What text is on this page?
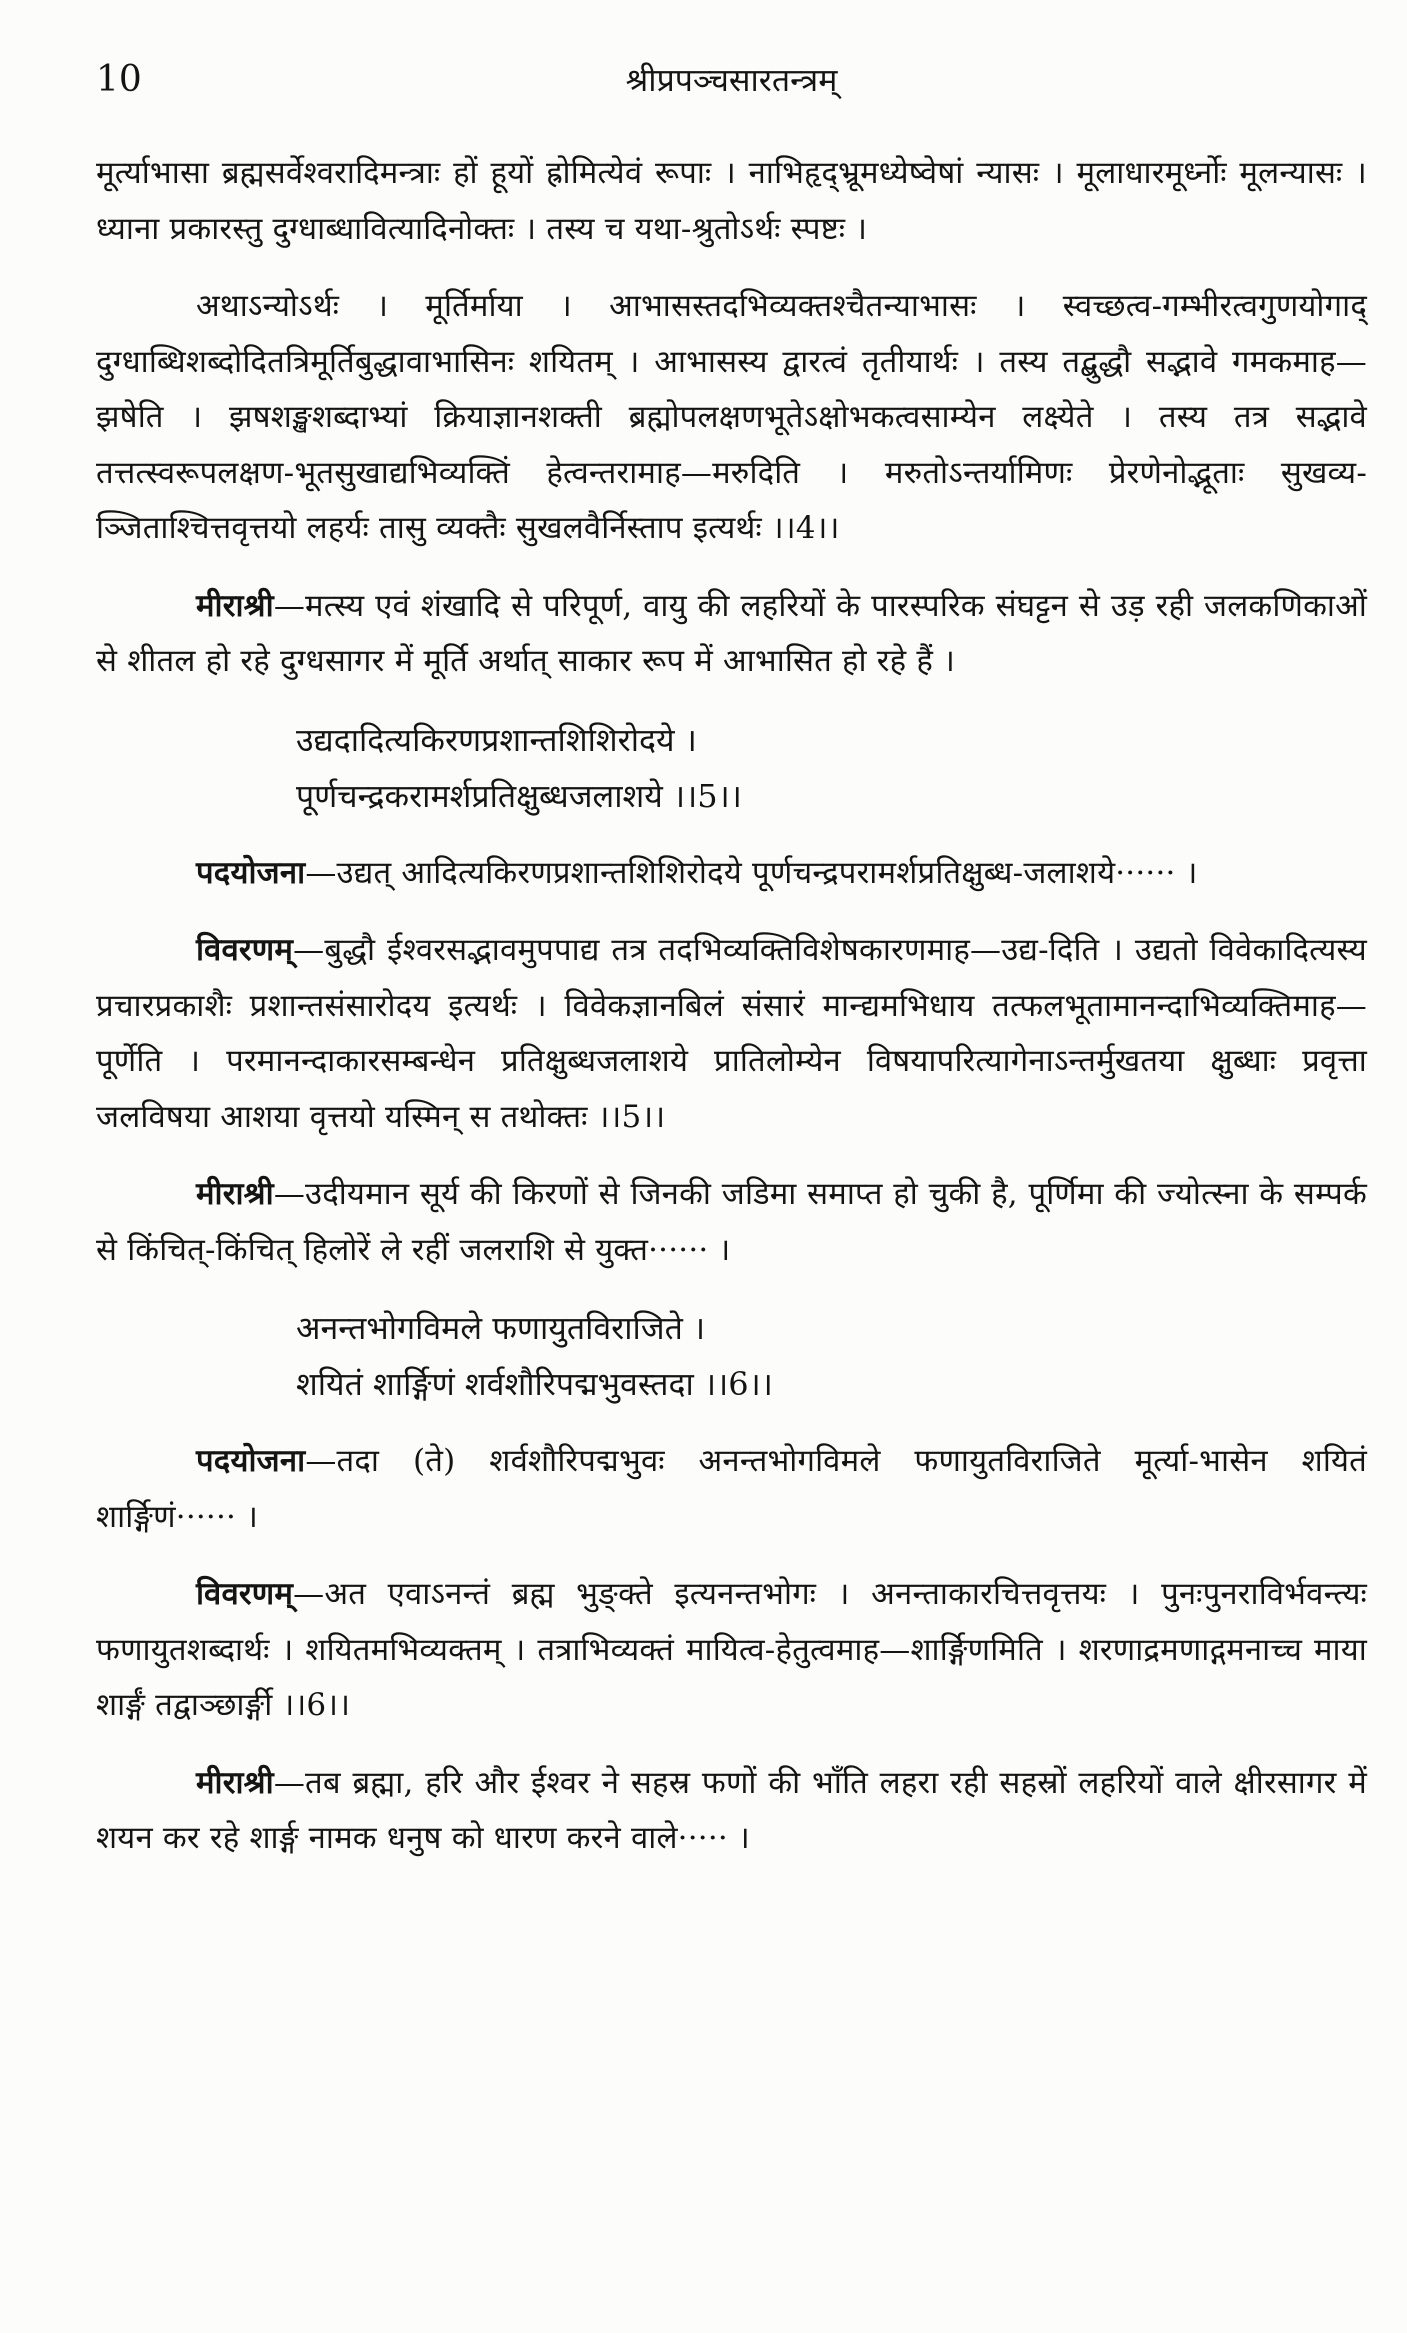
10	श्रीप्रपञ्चसारतन्त्रम्

मूर्त्याभासा ब्रह्मसर्वेश्वरादिमन्त्राः हों हूयों ह्रोमित्येवं रूपाः । नाभिहृद्भ्रूमध्येष्वेषां न्यासः । मूलाधारमूर्ध्नोः मूलन्यासः । ध्याना प्रकारस्तु दुग्धाब्धावित्यादिनोक्तः । तस्य च यथा-श्रुतोऽर्थः स्पष्टः ।

अथाऽन्योऽर्थः । मूर्तिर्माया । आभासस्तदभिव्यक्तश्चैतन्याभासः । स्वच्छत्व-गम्भीरत्वगुणयोगाद् दुग्धाब्धिशब्दोदितत्रिमूर्तिबुद्धावाभासिनः शयितम् । आभासस्य द्वारत्वं तृतीयार्थः । तस्य तद्बुद्धौ सद्भावे गमकमाह—झषेति । झषशङ्खशब्दाभ्यां क्रियाज्ञानशक्ती ब्रह्मोपलक्षणभूतेऽक्षोभकत्वसाम्येन लक्ष्येते । तस्य तत्र सद्भावे तत्तत्स्वरूपलक्षण-भूतसुखाद्यभिव्यक्तिं हेत्वन्तरामाह—मरुदिति । मरुतोऽन्तर्यामिणः प्रेरणेनोद्भूताः सुखव्य-ञ्जिताश्चित्तवृत्तयो लहर्यः तासु व्यक्तैः सुखलवैर्निस्ताप इत्यर्थः ।।4।।

मीराश्री—मत्स्य एवं शंखादि से परिपूर्ण, वायु की लहरियों के पारस्परिक संघट्टन से उड़ रही जलकणिकाओं से शीतल हो रहे दुग्धसागर में मूर्ति अर्थात् साकार रूप में आभासित हो रहे हैं ।

उद्यदादित्यकिरणप्रशान्तशिशिरोदये ।
पूर्णचन्द्रकरामर्शप्रतिक्षुब्धजलाशये ।।5।।

पदयोजना—उद्यत् आदित्यकिरणप्रशान्तशिशिरोदये पूर्णचन्द्रपरामर्शप्रतिक्षुब्ध-जलाशये······ ।

विवरणम्—बुद्धौ ईश्वरसद्भावमुपपाद्य तत्र तदभिव्यक्तिविशेषकारणमाह—उद्य-दिति । उद्यतो विवेकादित्यस्य प्रचारप्रकाशैः प्रशान्तसंसारोदय इत्यर्थः । विवेकज्ञानबिलं संसारं मान्द्यमभिधाय तत्फलभूतामानन्दाभिव्यक्तिमाह—पूर्णेति । परमानन्दाकारसम्बन्धेन प्रतिक्षुब्धजलाशये प्रातिलोम्येन विषयापरित्यागेनाऽन्तर्मुखतया क्षुब्धाः प्रवृत्ता जलविषया आशया वृत्तयो यस्मिन् स तथोक्तः ।।5।।

मीराश्री—उदीयमान सूर्य की किरणों से जिनकी जडिमा समाप्त हो चुकी है, पूर्णिमा की ज्योत्स्ना के सम्पर्क से किंचित्-किंचित् हिलोरें ले रहीं जलराशि से युक्त······ ।

अनन्तभोगविमले फणायुतविराजिते ।
शयितं शार्ङ्गिणं शर्वशौरिपद्मभुवस्तदा ।।6।।

पदयोजना—तदा (ते) शर्वशौरिपद्मभुवः अनन्तभोगविमले फणायुतविराजिते मूर्त्या-भासेन शयितं शार्ङ्गिणं······ ।

विवरणम्—अत एवाऽनन्तं ब्रह्म भुङ्क्ते इत्यनन्तभोगः । अनन्ताकारचित्तवृत्तयः । पुनःपुनराविर्भवन्त्यः फणायुतशब्दार्थः । शयितमभिव्यक्तम् । तत्राभिव्यक्तं मायित्व-हेतुत्वमाह—शार्ङ्गिणमिति । शरणाद्रमणाद्गमनाच्च माया शार्ङ्गं तद्वाञ्छार्ङ्गी ।।6।।

मीराश्री—तब ब्रह्मा, हरि और ईश्वर ने सहस्र फणों की भाँति लहरा रही सहस्रों लहरियों वाले क्षीरसागर में शयन कर रहे शार्ङ्ग नामक धनुष को धारण करने वाले····· ।
